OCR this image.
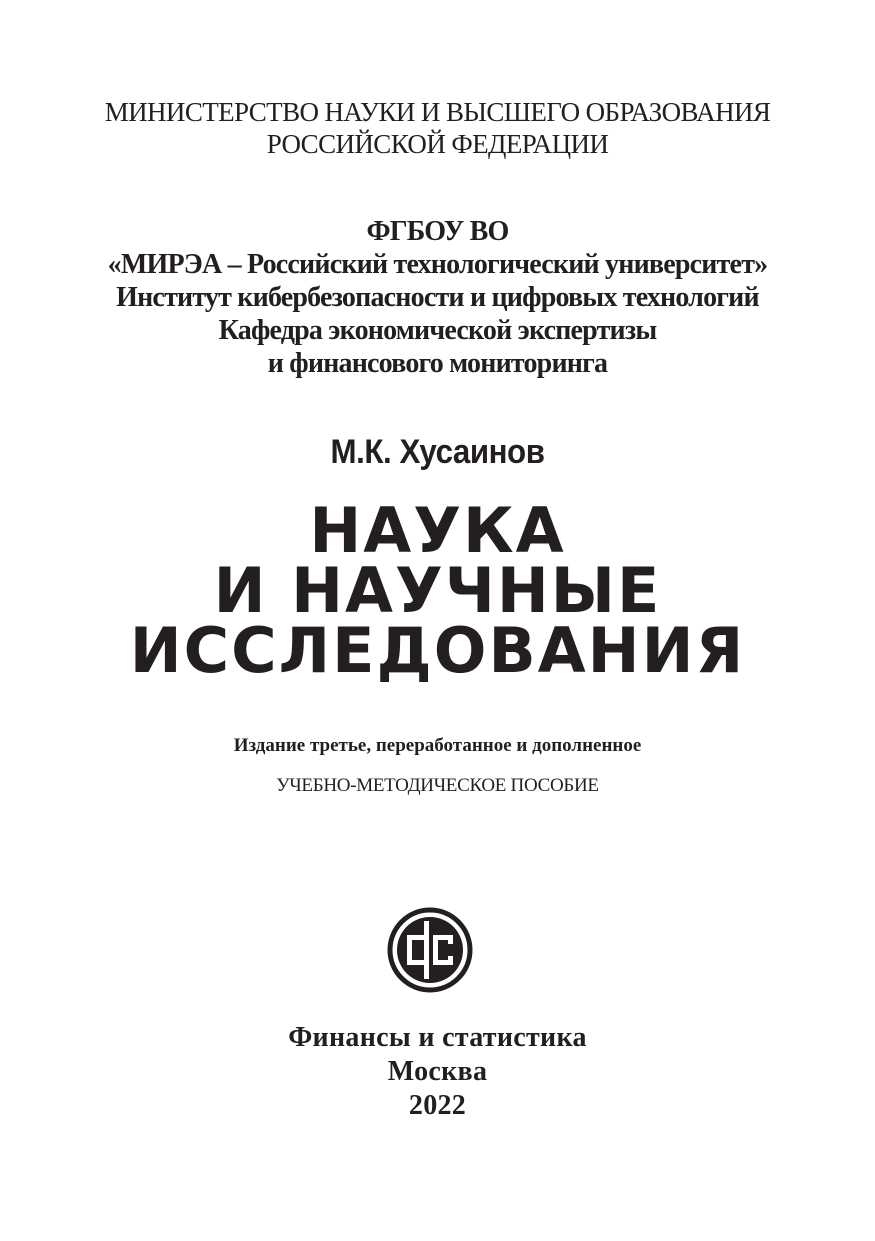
МИНИСТЕРСТВО НАУКИ И ВЫСШЕГО ОБРАЗОВАНИЯ
РОССИЙСКОЙ ФЕДЕРАЦИИ
ФГБОУ ВО
«МИРЭА – Российский технологический университет»
Институт кибербезопасности и цифровых технологий
Кафедра экономической экспертизы
и финансового мониторинга
М.К. Хусаинов
НАУКА
И НАУЧНЫЕ
ИССЛЕДОВАНИЯ
Издание третье, переработанное и дополненное
УЧЕБНО-МЕТОДИЧЕСКОЕ ПОСОБИЕ
Финансы и статистика
Москва
2022
